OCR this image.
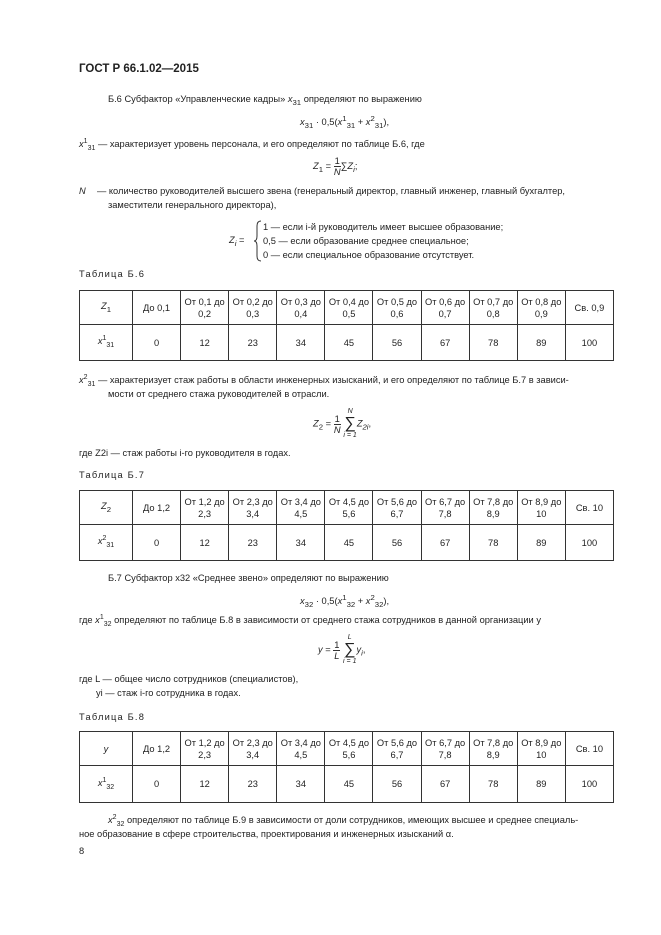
ГОСТ Р 66.1.02—2015
Б.6 Субфактор «Управленческие кадры» $x_{31}$ определяют по выражению
$x_{31} \cdot 0,5(x^1_{31} + x^2_{31})$,
$x^1_{31}$ — характеризует уровень персонала, и его определяют по таблице Б.6, где
$Z_1 = \frac{1}{N} \sum Z_i$;
N — количество руководителей высшего звена (генеральный директор, главный инженер, главный бухгалтер,
заместители генерального директора),
$Z_i$ =
1 — если i-й руководитель имеет высшее образование;
0,5 — если образование среднее специальное;
0 — если специальное образование отсутствует.
Таблица Б.6
$Z_1$	До 0,1	От 0,1 до 0,2	От 0,2 до 0,3	От 0,3 до 0,4	От 0,4 до 0,5	От 0,5 до 0,6	От 0,6 до 0,7	От 0,7 до 0,8	От 0,8 до 0,9	Св. 0,9
$x^1_{31}$	0	12	23	34	45	56	67	78	89	100
$x^2_{31}$ — характеризует стаж работы в области инженерных изысканий, и его определяют по таблице Б.7 в зависи-
мости от среднего стажа руководителей в отрасли.
$Z_2 = \frac{1}{N}$
N
∑
$i = 1Z_{2i}$,
где Z2i — стаж работы i-го руководителя в годах.
Таблица Б.7
$Z_2$	До 1,2	От 1,2 до 2,3	От 2,3 до 3,4	От 3,4 до 4,5	От 4,5 до 5,6	От 5,6 до 6,7	От 6,7 до 7,8	От 7,8 до 8,9	От 8,9 до 10	Св. 10
$x^2_{31}$	0	12	23	34	45	56	67	78	89	100
Б.7 Субфактор x32 «Среднее звено» определяют по выражению
$x_{32} \cdot 0,5(x^1_{32} + x^2_{32})$,
где $x^1_{32}$ определяют по таблице Б.8 в зависимости от среднего стажа сотрудников в данной организации y
$y = \frac{1}{L}$
L
∑
$i = 1y_i$,
где L — общее число сотрудников (специалистов),
yi — стаж i-го сотрудника в годах.
Таблица Б.8
y	До 1,2	От 1,2 до 2,3	От 2,3 до 3,4	От 3,4 до 4,5	От 4,5 до 5,6	От 5,6 до 6,7	От 6,7 до 7,8	От 7,8 до 8,9	От 8,9 до 10	Св. 10
$x^1_{32}$	0	12	23	34	45	56	67	78	89	100
$x^2_{32}$ определяют по таблице Б.9 в зависимости от доли сотрудников, имеющих высшее и среднее специаль-
ное образование в сфере строительства, проектирования и инженерных изысканий α.
8
